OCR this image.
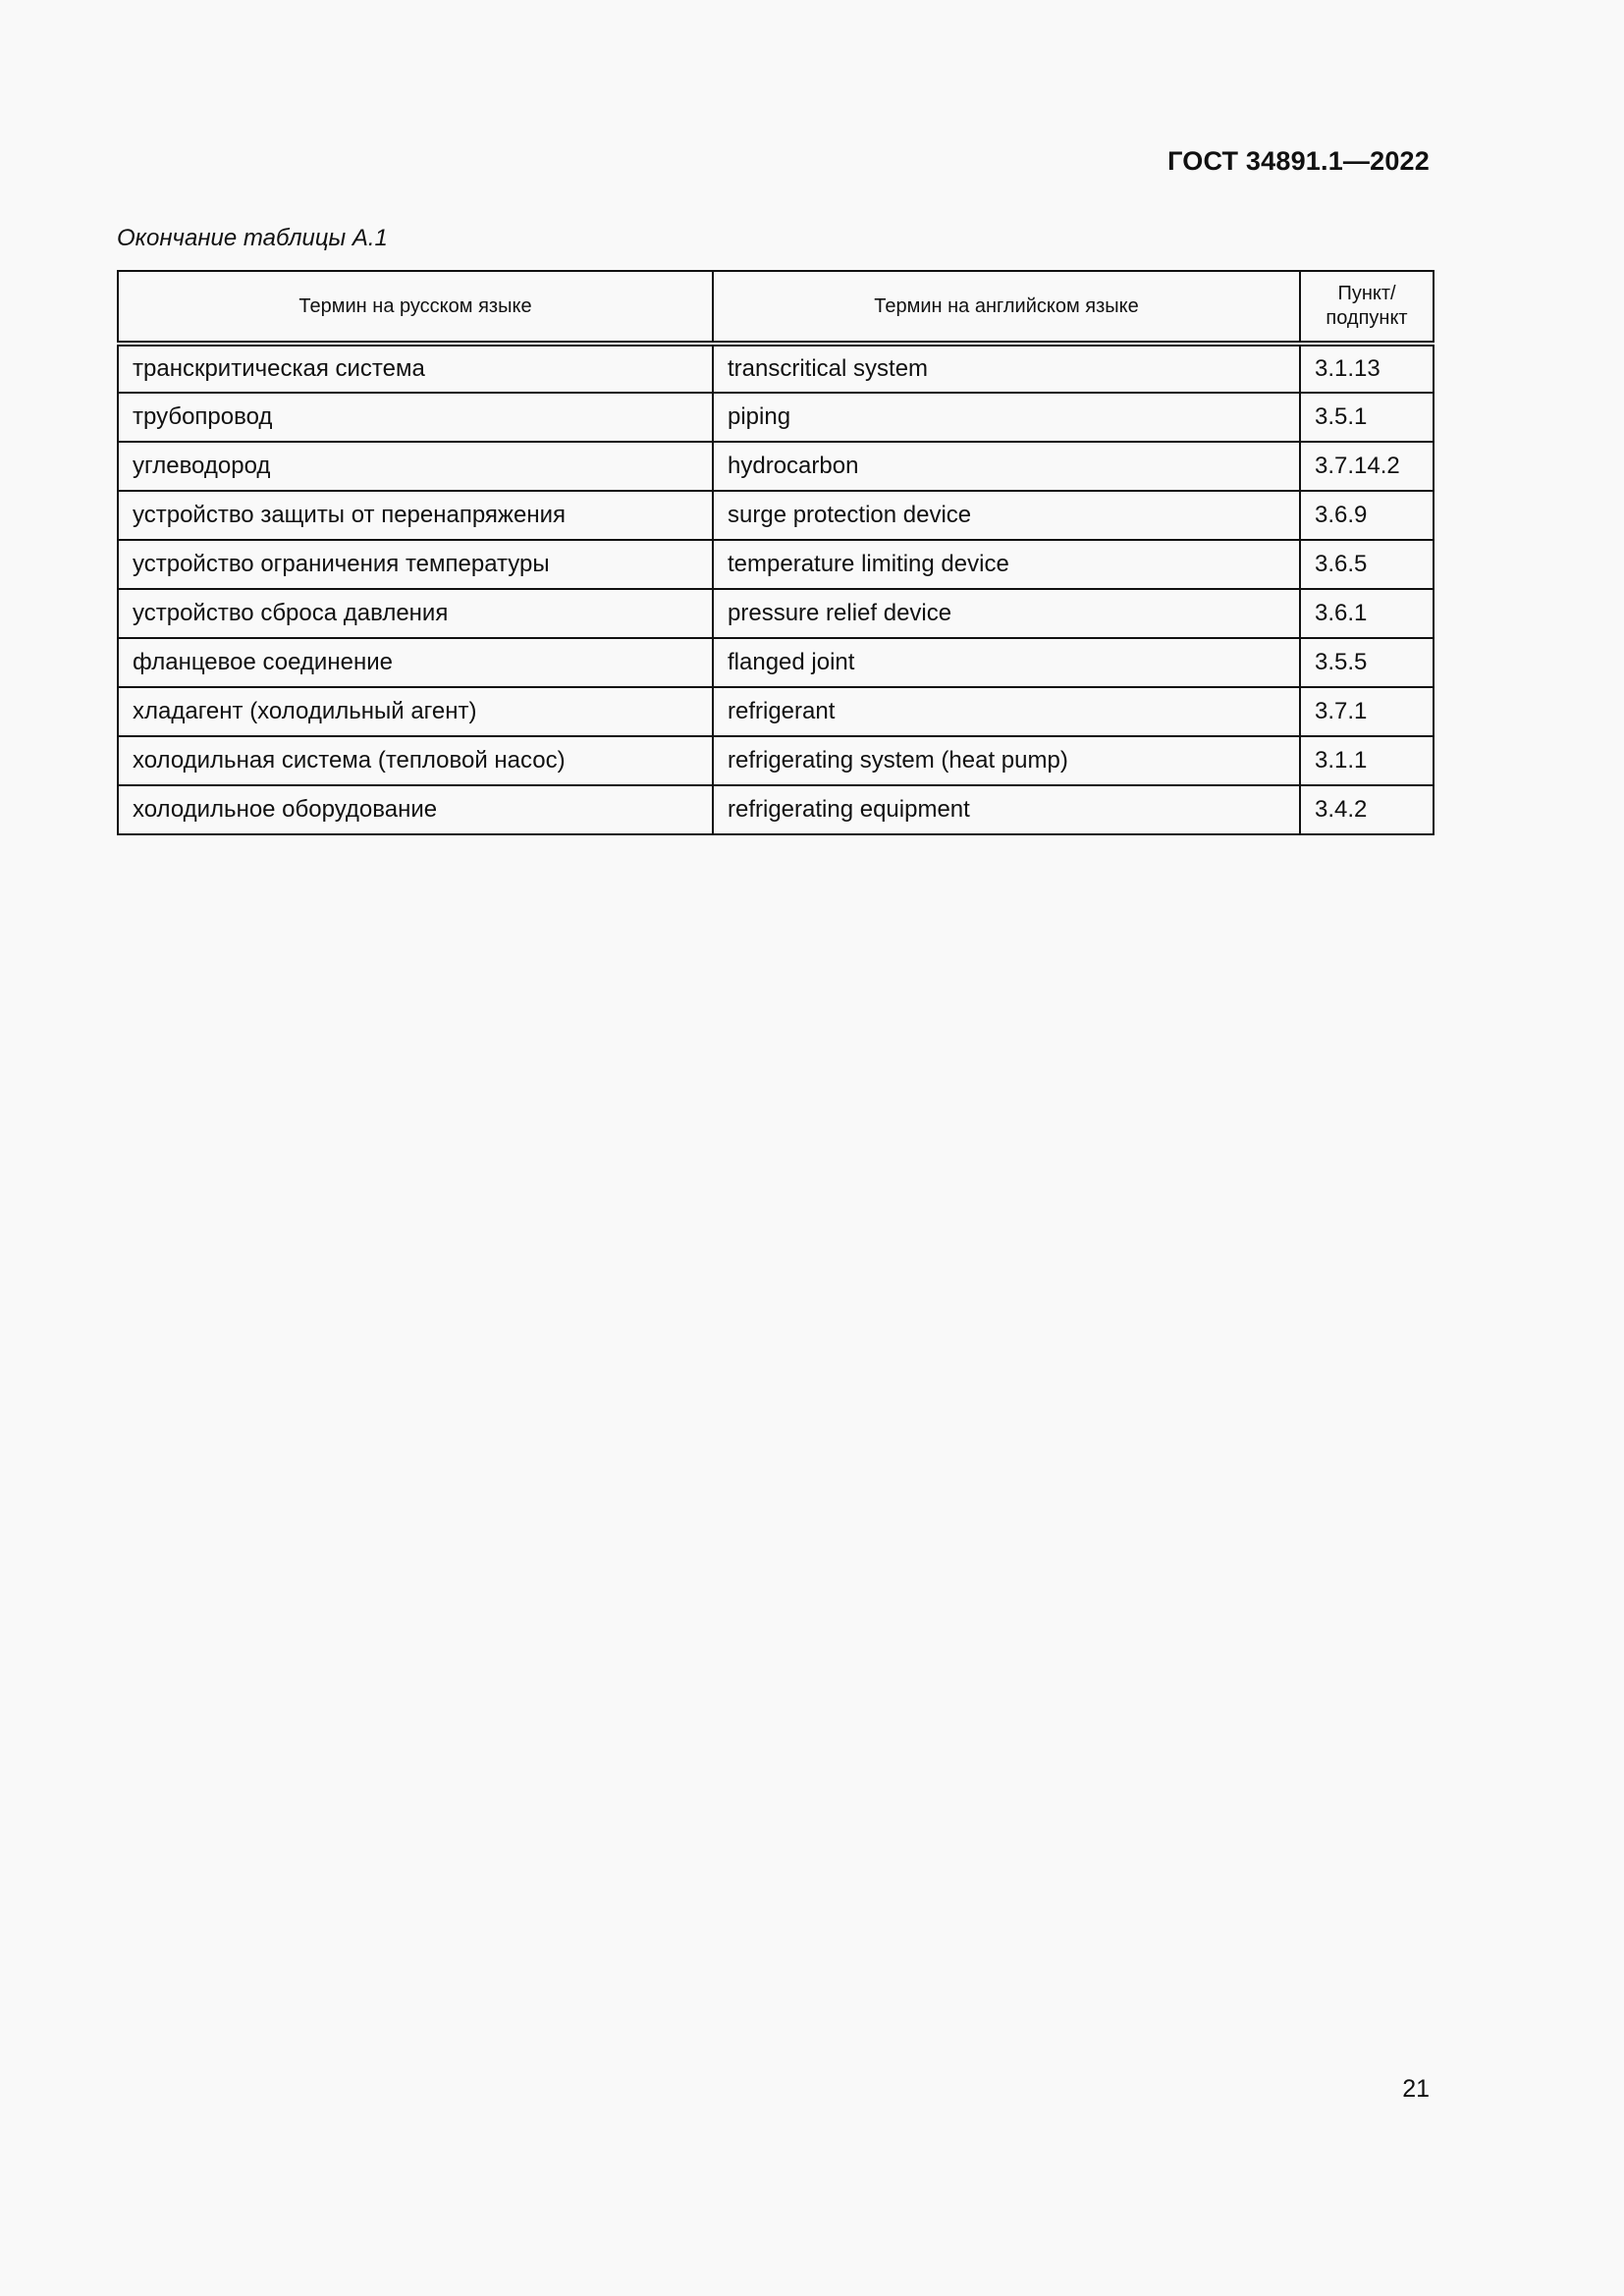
ГОСТ 34891.1—2022
Окончание таблицы А.1
Термин на русском языке	Термин на английском языке	Пункт/
подпункт

транскритическая система	transcritical system	3.1.13
трубопровод	piping	3.5.1
углеводород	hydrocarbon	3.7.14.2
устройство защиты от перенапряжения	surge protection device	3.6.9
устройство ограничения температуры	temperature limiting device	3.6.5
устройство сброса давления	pressure relief device	3.6.1
фланцевое соединение	flanged joint	3.5.5
хладагент (холодильный агент)	refrigerant	3.7.1
холодильная система (тепловой насос)	refrigerating system (heat pump)	3.1.1
холодильное оборудование	refrigerating equipment	3.4.2
21
